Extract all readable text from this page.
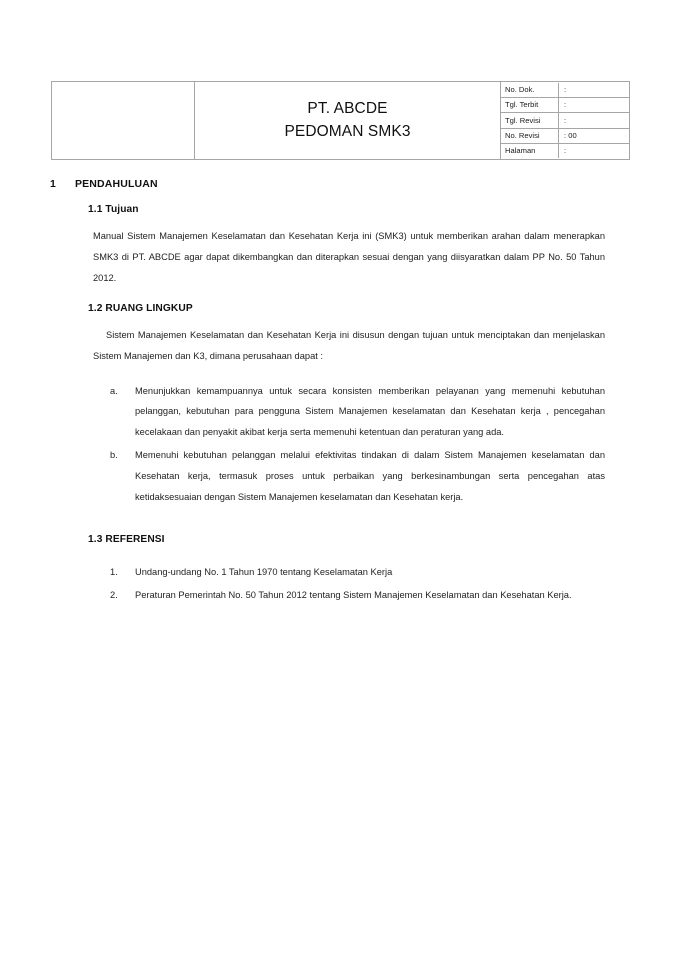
PT. ABCDE
PEDOMAN SMK3

No. Dok.	:
Tgl. Terbit	:
Tgl. Revisi	:
No. Revisi	: 00
Halaman	:
1	PENDAHULUAN
1.1 Tujuan

Manual Sistem Manajemen Keselamatan dan Kesehatan Kerja ini (SMK3) untuk memberikan arahan dalam menerapkan SMK3 di PT. ABCDE agar dapat dikembangkan dan diterapkan sesuai dengan yang diisyaratkan dalam PP No. 50 Tahun 2012.

1.2 RUANG LINGKUP

Sistem Manajemen Keselamatan dan Kesehatan Kerja ini disusun dengan tujuan untuk menciptakan dan menjelaskan Sistem Manajemen dan K3, dimana perusahaan dapat :

a.	Menunjukkan kemampuannya untuk secara konsisten memberikan pelayanan yang memenuhi kebutuhan pelanggan, kebutuhan para pengguna Sistem Manajemen keselamatan dan Kesehatan kerja , pencegahan kecelakaan dan penyakit akibat kerja serta memenuhi ketentuan dan peraturan yang ada.
b.	Memenuhi kebutuhan pelanggan melalui efektivitas tindakan di dalam Sistem Manajemen keselamatan dan Kesehatan kerja, termasuk proses untuk perbaikan yang berkesinambungan serta pencegahan atas ketidaksesuaian dengan Sistem Manajemen keselamatan dan Kesehatan kerja.
1.3 REFERENSI
1.	Undang-undang No. 1 Tahun 1970 tentang Keselamatan Kerja
2.	Peraturan Pemerintah No. 50 Tahun 2012 tentang Sistem Manajemen Keselamatan dan Kesehatan Kerja.
